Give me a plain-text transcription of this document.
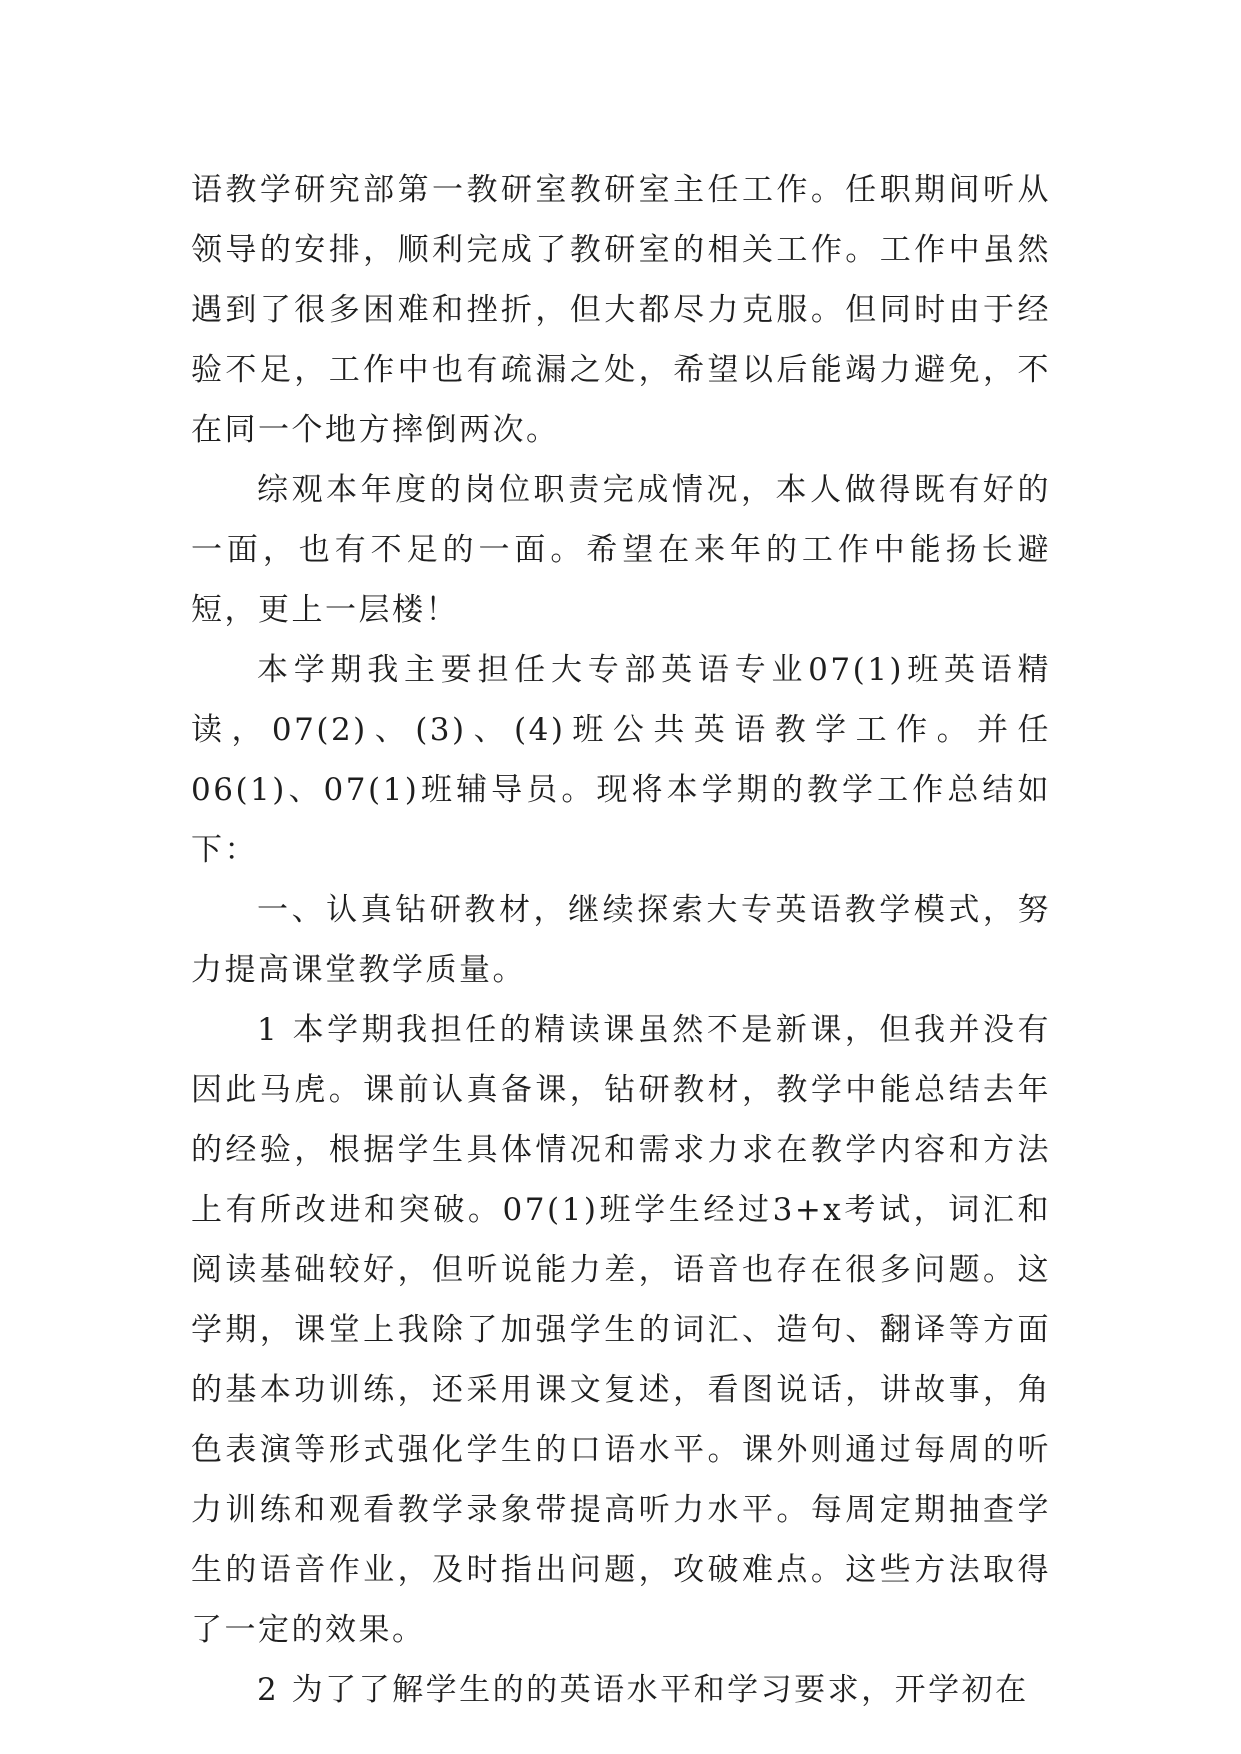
语教学研究部第一教研室教研室主任工作。任职期间听从领导的安排，顺利完成了教研室的相关工作。工作中虽然遇到了很多困难和挫折，但大都尽力克服。但同时由于经验不足，工作中也有疏漏之处，希望以后能竭力避免，不在同一个地方摔倒两次。

综观本年度的岗位职责完成情况，本人做得既有好的一面，也有不足的一面。希望在来年的工作中能扬长避短，更上一层楼！

本学期我主要担任大专部英语专业07(1)班英语精读，07(2)、(3)、(4)班公共英语教学工作。并任06(1)、07(1)班辅导员。现将本学期的教学工作总结如下：

一、认真钻研教材，继续探索大专英语教学模式，努力提高课堂教学质量。

1 本学期我担任的精读课虽然不是新课，但我并没有因此马虎。课前认真备课，钻研教材，教学中能总结去年的经验，根据学生具体情况和需求力求在教学内容和方法上有所改进和突破。07(1)班学生经过3+x考试，词汇和阅读基础较好，但听说能力差，语音也存在很多问题。这学期，课堂上我除了加强学生的词汇、造句、翻译等方面的基本功训练，还采用课文复述，看图说话，讲故事，角色表演等形式强化学生的口语水平。课外则通过每周的听力训练和观看教学录象带提高听力水平。每周定期抽查学生的语音作业，及时指出问题，攻破难点。这些方法取得了一定的效果。

2 为了了解学生的的英语水平和学习要求，开学初在
